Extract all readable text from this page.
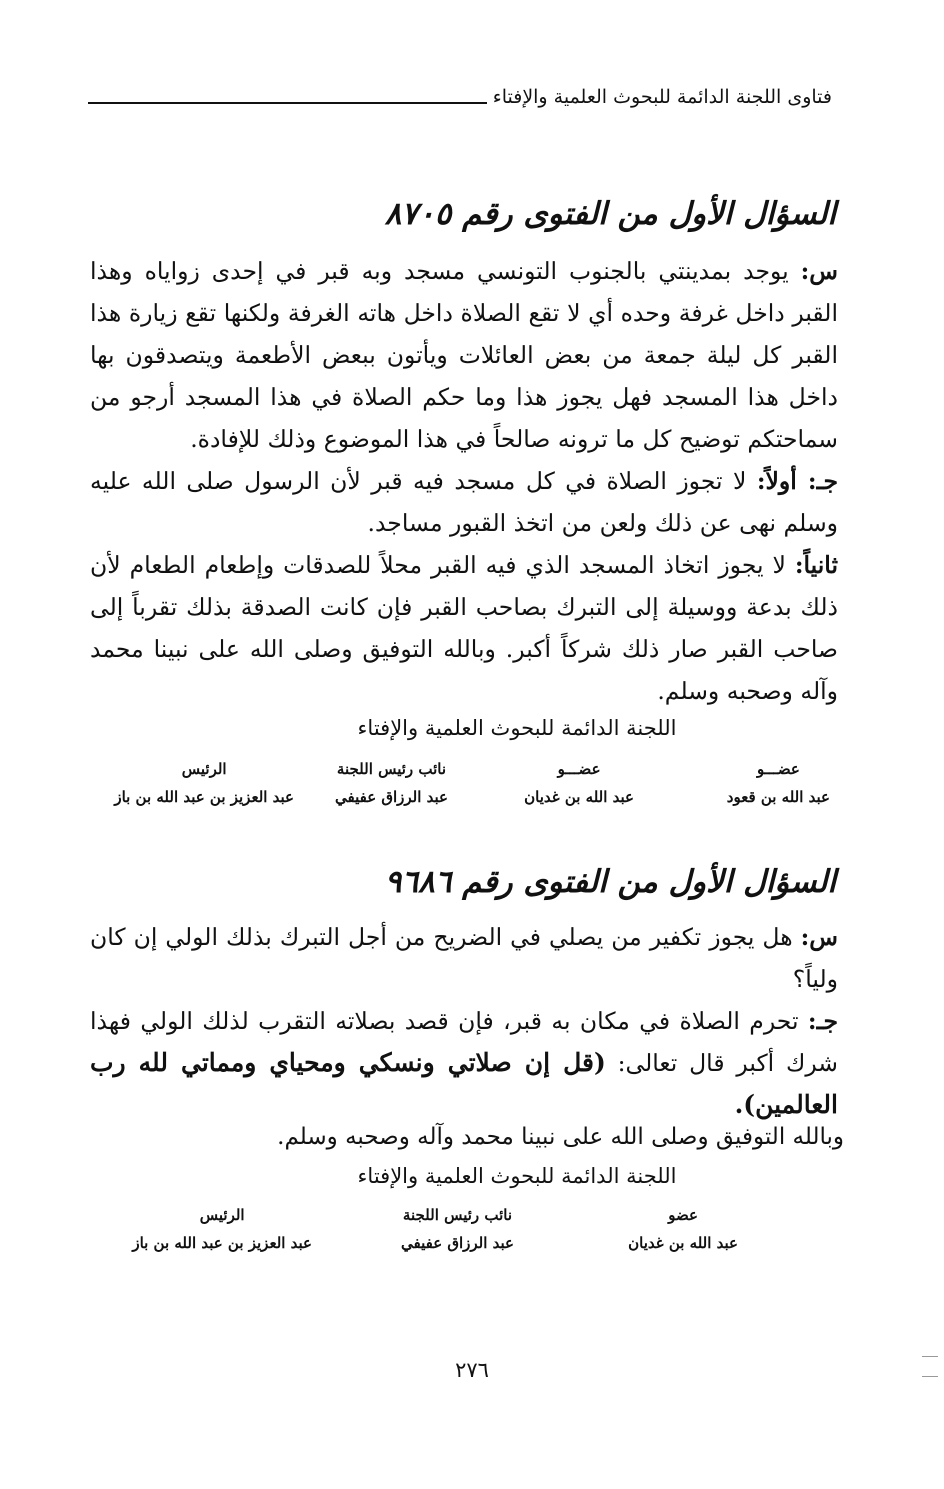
فتاوى اللجنة الدائمة للبحوث العلمية والإفتاء
السؤال الأول من الفتوى رقم ٨٧٠٥
س: يوجد بمدينتي بالجنوب التونسي مسجد وبه قبر في إحدى زواياه وهذا القبر داخل غرفة وحده أي لا تقع الصلاة داخل هاته الغرفة ولكنها تقع زيارة هذا القبر كل ليلة جمعة من بعض العائلات ويأتون ببعض الأطعمة ويتصدقون بها داخل هذا المسجد فهل يجوز هذا وما حكم الصلاة في هذا المسجد أرجو من سماحتكم توضيح كل ما ترونه صالحاً في هذا الموضوع وذلك للإفادة.
جـ: أولاً: لا تجوز الصلاة في كل مسجد فيه قبر لأن الرسول صلى الله عليه وسلم نهى عن ذلك ولعن من اتخذ القبور مساجد.
ثانياً: لا يجوز اتخاذ المسجد الذي فيه القبر محلاً للصدقات وإطعام الطعام لأن ذلك بدعة ووسيلة إلى التبرك بصاحب القبر فإن كانت الصدقة بذلك تقرباً إلى صاحب القبر صار ذلك شركاً أكبر. وبالله التوفيق وصلى الله على نبينا محمد وآله وصحبه وسلم.
اللجنة الدائمة للبحوث العلمية والإفتاء
عضـــو
عبد الله بن قعود
عضـــو
عبد الله بن غديان
نائب رئيس اللجنة
عبد الرزاق عفيفي
الرئيس
عبد العزيز بن عبد الله بن باز
السؤال الأول من الفتوى رقم ٩٦٨٦
س: هل يجوز تكفير من يصلي في الضريح من أجل التبرك بذلك الولي إن كان ولياً؟
جـ: تحرم الصلاة في مكان به قبر، فإن قصد بصلاته التقرب لذلك الولي فهذا شرك أكبر قال تعالى: (قل إن صلاتي ونسكي ومحياي ومماتي لله رب العالمين).
وبالله التوفيق وصلى الله على نبينا محمد وآله وصحبه وسلم.
اللجنة الدائمة للبحوث العلمية والإفتاء
عضو
عبد الله بن غديان
نائب رئيس اللجنة
عبد الرزاق عفيفي
الرئيس
عبد العزيز بن عبد الله بن باز
٢٧٦
